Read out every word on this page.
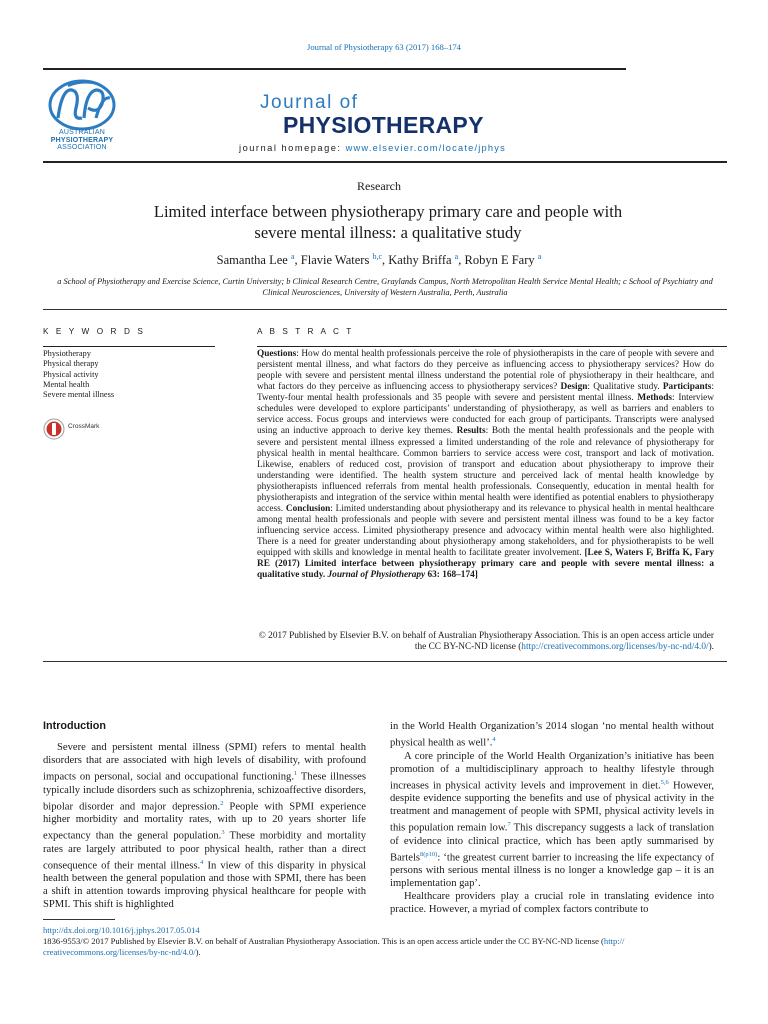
Journal of Physiotherapy 63 (2017) 168–174
AUSTRALIAN
PHYSIOTHERAPY
ASSOCIATION
Journal of
PHYSIOTHERAPY
journal homepage: www.elsevier.com/locate/jphys
Research
Limited interface between physiotherapy primary care and people with
severe mental illness: a qualitative study
Samantha Lee $^a$, Flavie Waters $^{b,c}$, Kathy Briffa $^a$, Robyn E Fary $^a$
a School of Physiotherapy and Exercise Science, Curtin University; b Clinical Research Centre, Graylands Campus, North Metropolitan Health Service Mental Health; c School of Psychiatry and Clinical Neurosciences, University of Western Australia, Perth, Australia
K E Y W O R D S
Physiotherapy
Physical therapy
Physical activity
Mental health
Severe mental illness
CrossMark
A B S T R A C T

Questions: How do mental health professionals perceive the role of physiotherapists in the care of people with severe and persistent mental illness, and what factors do they perceive as influencing access to physiotherapy services? How do people with severe and persistent mental illness understand the potential role of physiotherapy in their healthcare, and what factors do they perceive as influencing access to physiotherapy services? Design: Qualitative study. Participants: Twenty-four mental health professionals and 35 people with severe and persistent mental illness. Methods: Interview schedules were developed to explore participants’ understanding of physiotherapy, as well as barriers and enablers to service access. Focus groups and interviews were conducted for each group of participants. Transcripts were analysed using an inductive approach to derive key themes. Results: Both the mental health professionals and the people with severe and persistent mental illness expressed a limited understanding of the role and relevance of physiotherapy for physical health in mental healthcare. Common barriers to service access were cost, transport and lack of motivation. Likewise, enablers of reduced cost, provision of transport and education about physiotherapy to improve their understanding were identified. The health system structure and perceived lack of mental health knowledge by physiotherapists influenced referrals from mental health professionals. Consequently, education in mental health for physiotherapists and integration of the service within mental health were identified as potential enablers to physiotherapy access. Conclusion: Limited understanding about physiotherapy and its relevance to physical health in mental healthcare among mental health professionals and people with severe and persistent mental illness was found to be a key factor influencing service access. Limited physiotherapy presence and advocacy within mental health were also highlighted. There is a need for greater understanding about physiotherapy among stakeholders, and for physiotherapists to be well equipped with skills and knowledge in mental health to facilitate greater involvement. [Lee S, Waters F, Briffa K, Fary RE (2017) Limited interface between physiotherapy primary care and people with severe mental illness: a qualitative study. Journal of Physiotherapy 63: 168–174]

© 2017 Published by Elsevier B.V. on behalf of Australian Physiotherapy Association. This is an open access article under the CC BY-NC-ND license (http://creativecommons.org/licenses/by-nc-nd/4.0/).
Introduction

Severe and persistent mental illness (SPMI) refers to mental health disorders that are associated with high levels of disability, with profound impacts on personal, social and occupational functioning.$^1$ These illnesses typically include disorders such as schizophrenia, schizoaffective disorders, bipolar disorder and major depression.$^2$ People with SPMI experience higher morbidity and mortality rates, with up to 20 years shorter life expectancy than the general population.$^3$ These morbidity and mortality rates are largely attributed to poor physical health, rather than a direct consequence of their mental illness.$^4$ In view of this disparity in physical health between the general population and those with SPMI, there has been a shift in attention towards improving physical healthcare for people with SPMI. This shift is highlighted

in the World Health Organization’s 2014 slogan ‘no mental health without physical health as well’.$^4$

A core principle of the World Health Organization’s initiative has been promotion of a multidisciplinary approach to healthy lifestyle through increases in physical activity levels and improvement in diet.$^{5,6}$ However, despite evidence supporting the benefits and use of physical activity in the treatment and management of people with SPMI, physical activity levels in this population remain low.$^7$ This discrepancy suggests a lack of translation of evidence into clinical practice, which has been aptly summarised by Bartels$^{8(p10)}$: ‘the greatest current barrier to increasing the life expectancy of persons with serious mental illness is no longer a knowledge gap – it is an implementation gap’.

Healthcare providers play a crucial role in translating evidence into practice. However, a myriad of complex factors contribute to

http://dx.doi.org/10.1016/j.jphys.2017.05.014
1836-9553/© 2017 Published by Elsevier B.V. on behalf of Australian Physiotherapy Association. This is an open access article under the CC BY-NC-ND license (http://
creativecommons.org/licenses/by-nc-nd/4.0/).
